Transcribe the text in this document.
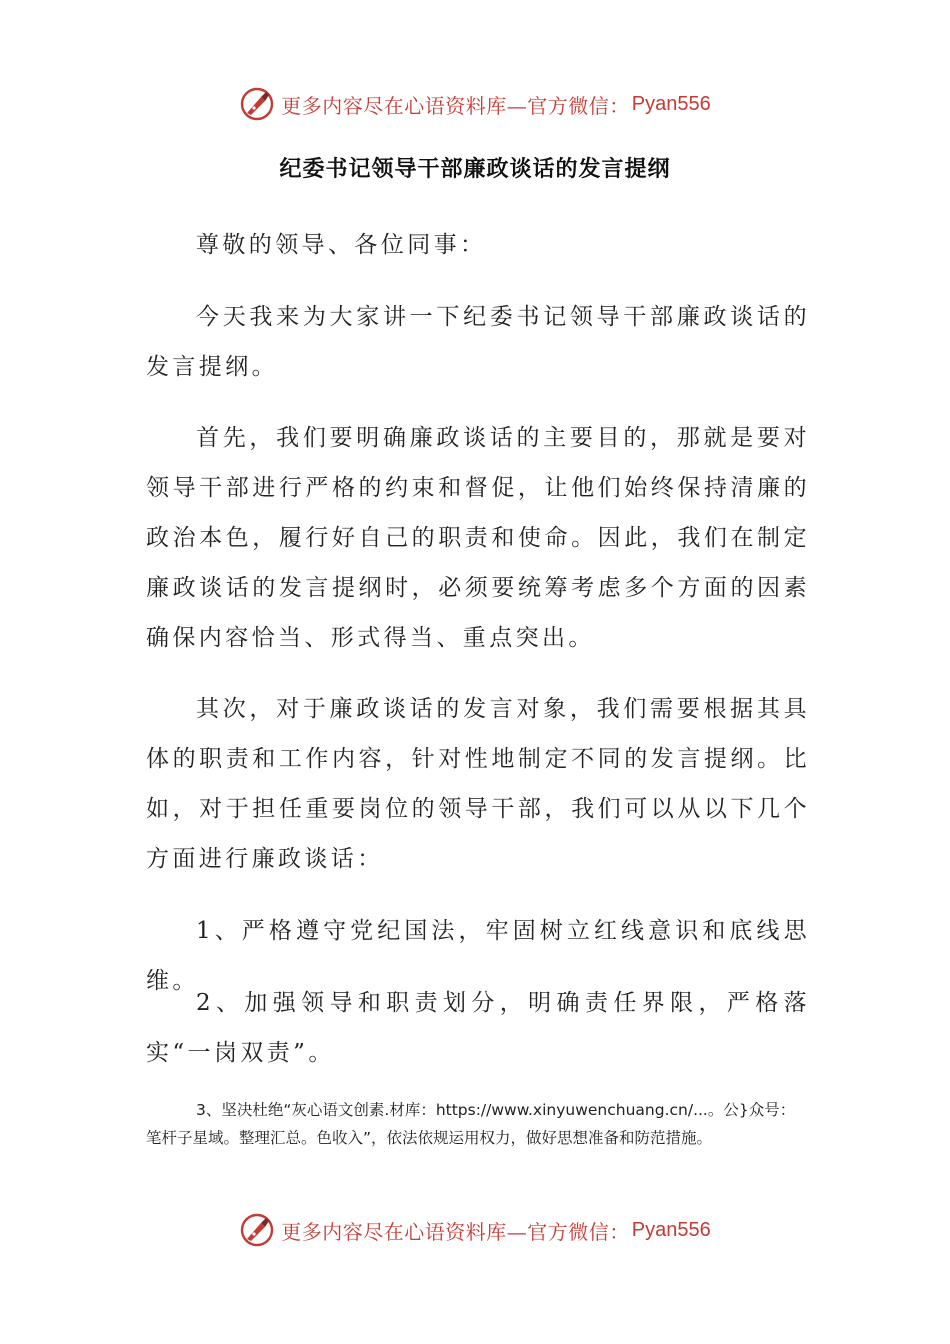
更多内容尽在心语资料库—官方微信： Pyan556
纪委书记领导干部廉政谈话的发言提纲
尊敬的领导、各位同事：
今天我来为大家讲一下纪委书记领导干部廉政谈话的发言提纲。
首先，我们要明确廉政谈话的主要目的，那就是要对领导干部进行严格的约束和督促，让他们始终保持清廉的政治本色，履行好自己的职责和使命。因此，我们在制定廉政谈话的发言提纲时，必须要统筹考虑多个方面的因素确保内容恰当、形式得当、重点突出。
其次，对于廉政谈话的发言对象，我们需要根据其具体的职责和工作内容，针对性地制定不同的发言提纲。比如，对于担任重要岗位的领导干部，我们可以从以下几个方面进行廉政谈话：
1、严格遵守党纪国法，牢固树立红线意识和底线思维。
2、加强领导和职责划分，明确责任界限，严格落实“一岗双责”。
3、坚决杜绝“灰心语文创素.材库：https://www.xinyuwenchuang.cn/...。公}众号：笔杆子星域。整理汇总。色收入”，依法依规运用权力，做好思想准备和防范措施。
更多内容尽在心语资料库—官方微信： Pyan556
